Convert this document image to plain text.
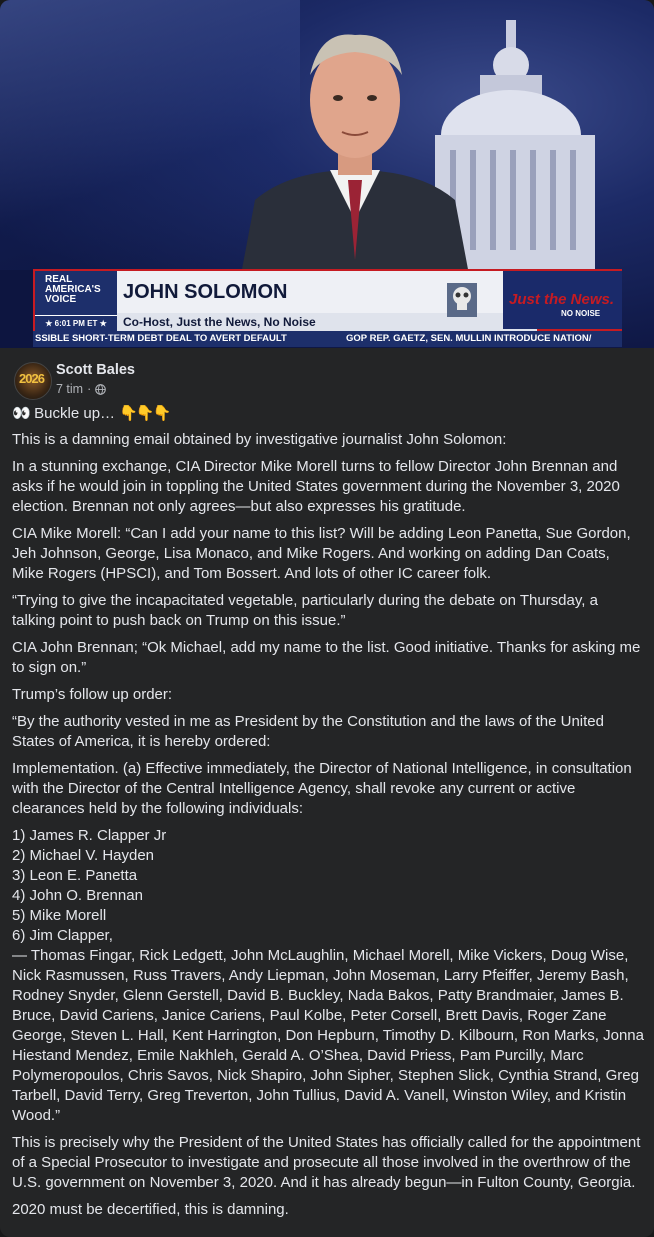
REAL
AMERICA'S
VOICE
★ 6:01 PM ET ★
JOHN SOLOMON
Co-Host, Just the News, No Noise
Just the News.
NO NOISE
SSIBLE SHORT-TERM DEBT DEAL TO AVERT DEFAULT	GOP REP. GAETZ, SEN. MULLIN INTRODUCE NATION/
2026
Scott Bales
7 tim ·

👀 Buckle up… 👇👇👇

This is a damning email obtained by investigative journalist John Solomon:

In a stunning exchange, CIA Director Mike Morell turns to fellow Director John Brennan and asks if he would join in toppling the United States government during the November 3, 2020 election. Brennan not only agrees—but also expresses his gratitude.

CIA Mike Morell: “Can I add your name to this list? Will be adding Leon Panetta, Sue Gordon, Jeh Johnson, George, Lisa Monaco, and Mike Rogers. And working on adding Dan Coats, Mike Rogers (HPSCI), and Tom Bossert. And lots of other IC career folk.

“Trying to give the incapacitated vegetable, particularly during the debate on Thursday, a talking point to push back on Trump on this issue.”

CIA John Brennan; “Ok Michael, add my name to the list. Good initiative. Thanks for asking me to sign on.”

Trump’s follow up order:

“By the authority vested in me as President by the Constitution and the laws of the United States of America, it is hereby ordered:

Implementation. (a) Effective immediately, the Director of National Intelligence, in consultation with the Director of the Central Intelligence Agency, shall revoke any current or active clearances held by the following individuals:

1) James R. Clapper Jr
2) Michael V. Hayden
3) Leon E. Panetta
4) John O. Brennan
5) Mike Morell
6) Jim Clapper,
— Thomas Fingar, Rick Ledgett, John McLaughlin, Michael Morell, Mike Vickers, Doug Wise, Nick Rasmussen, Russ Travers, Andy Liepman, John Moseman, Larry Pfeiffer, Jeremy Bash, Rodney Snyder, Glenn Gerstell, David B. Buckley, Nada Bakos, Patty Brandmaier, James B. Bruce, David Cariens, Janice Cariens, Paul Kolbe, Peter Corsell, Brett Davis, Roger Zane George, Steven L. Hall, Kent Harrington, Don Hepburn, Timothy D. Kilbourn, Ron Marks, Jonna Hiestand Mendez, Emile Nakhleh, Gerald A. O’Shea, David Priess, Pam Purcilly, Marc Polymeropoulos, Chris Savos, Nick Shapiro, John Sipher, Stephen Slick, Cynthia Strand, Greg Tarbell, David Terry, Greg Treverton, John Tullius, David A. Vanell, Winston Wiley, and Kristin Wood.”

This is precisely why the President of the United States has officially called for the appointment of a Special Prosecutor to investigate and prosecute all those involved in the overthrow of the U.S. government on November 3, 2020. And it has already begun—in Fulton County, Georgia.

2020 must be decertified, this is damning.
